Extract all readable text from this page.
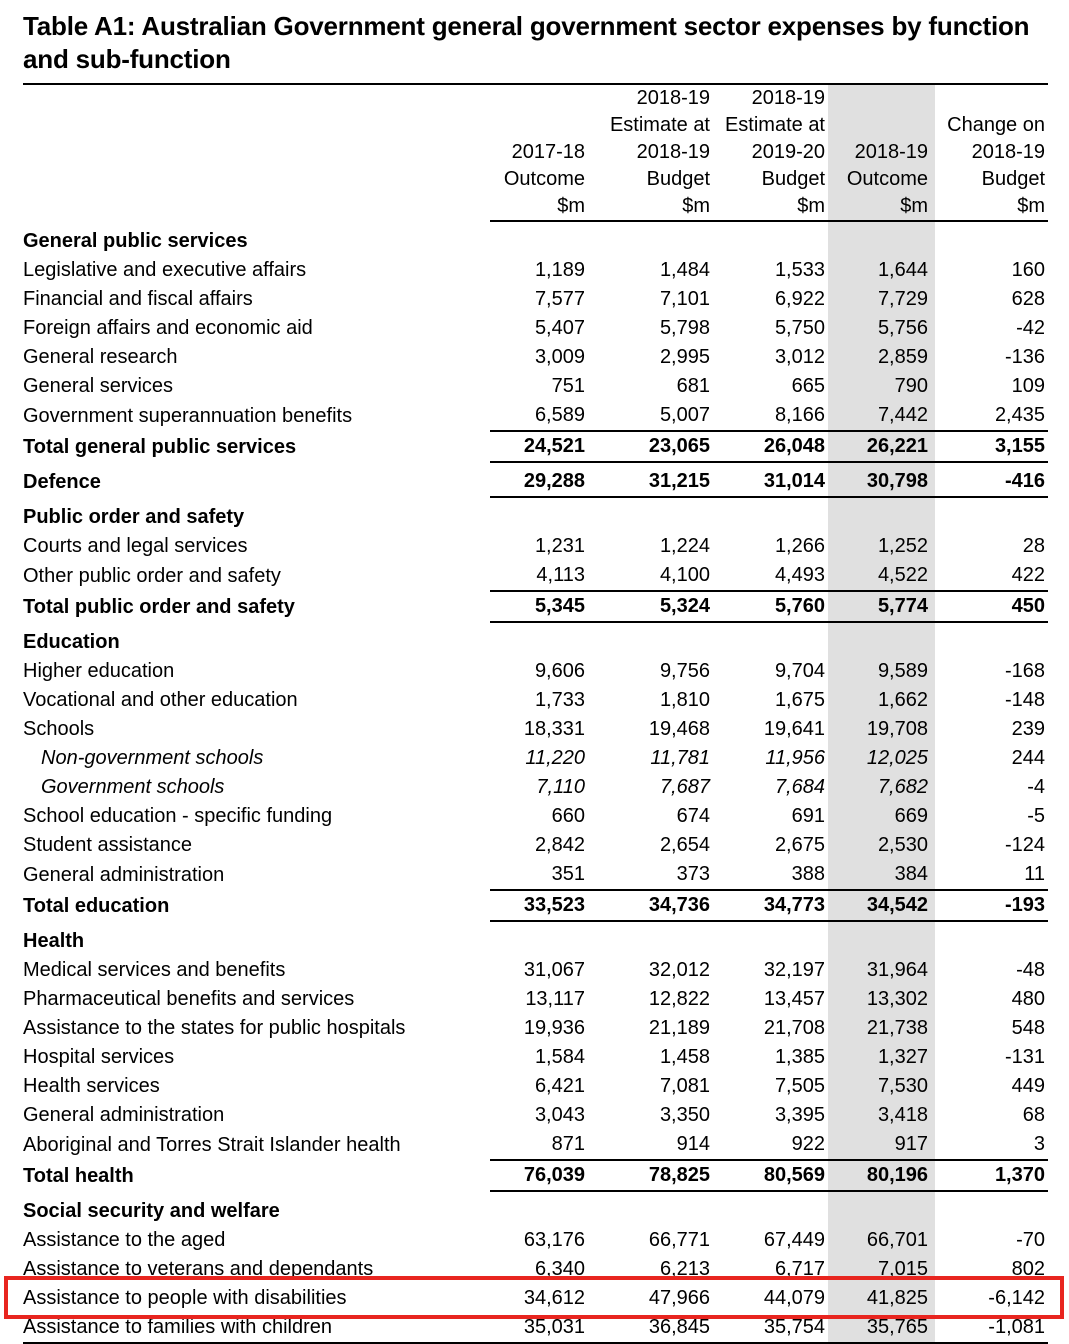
Table A1: Australian Government general government sector expenses by function and sub-function

2017-18
Outcome
$m

2018-19
Estimate at
2018-19
Budget
$m

2018-19
Estimate at
2019-20
Budget
$m

2018-19
Outcome
$m

Change on
2018-19
Budget
$m

General public services					
Legislative and executive affairs	1,189	1,484	1,533	1,644	160
Financial and fiscal affairs	7,577	7,101	6,922	7,729	628
Foreign affairs and economic aid	5,407	5,798	5,750	5,756	-42
General research	3,009	2,995	3,012	2,859	-136
General services	751	681	665	790	109
Government superannuation benefits	6,589	5,007	8,166	7,442	2,435
Total general public services	24,521	23,065	26,048	26,221	3,155
Defence	29,288	31,215	31,014	30,798	-416
Public order and safety					
Courts and legal services	1,231	1,224	1,266	1,252	28
Other public order and safety	4,113	4,100	4,493	4,522	422
Total public order and safety	5,345	5,324	5,760	5,774	450
Education					
Higher education	9,606	9,756	9,704	9,589	-168
Vocational and other education	1,733	1,810	1,675	1,662	-148
Schools	18,331	19,468	19,641	19,708	239
Non-government schools	11,220	11,781	11,956	12,025	244
Government schools	7,110	7,687	7,684	7,682	-4
School education - specific funding	660	674	691	669	-5
Student assistance	2,842	2,654	2,675	2,530	-124
General administration	351	373	388	384	11
Total education	33,523	34,736	34,773	34,542	-193
Health					
Medical services and benefits	31,067	32,012	32,197	31,964	-48
Pharmaceutical benefits and services	13,117	12,822	13,457	13,302	480
Assistance to the states for public hospitals	19,936	21,189	21,708	21,738	548
Hospital services	1,584	1,458	1,385	1,327	-131
Health services	6,421	7,081	7,505	7,530	449
General administration	3,043	3,350	3,395	3,418	68
Aboriginal and Torres Strait Islander health	871	914	922	917	3
Total health	76,039	78,825	80,569	80,196	1,370
Social security and welfare					
Assistance to the aged	63,176	66,771	67,449	66,701	-70
Assistance to veterans and dependants	6,340	6,213	6,717	7,015	802
Assistance to people with disabilities	34,612	47,966	44,079	41,825	-6,142
Assistance to families with children	35,031	36,845	35,754	35,765	-1,081
